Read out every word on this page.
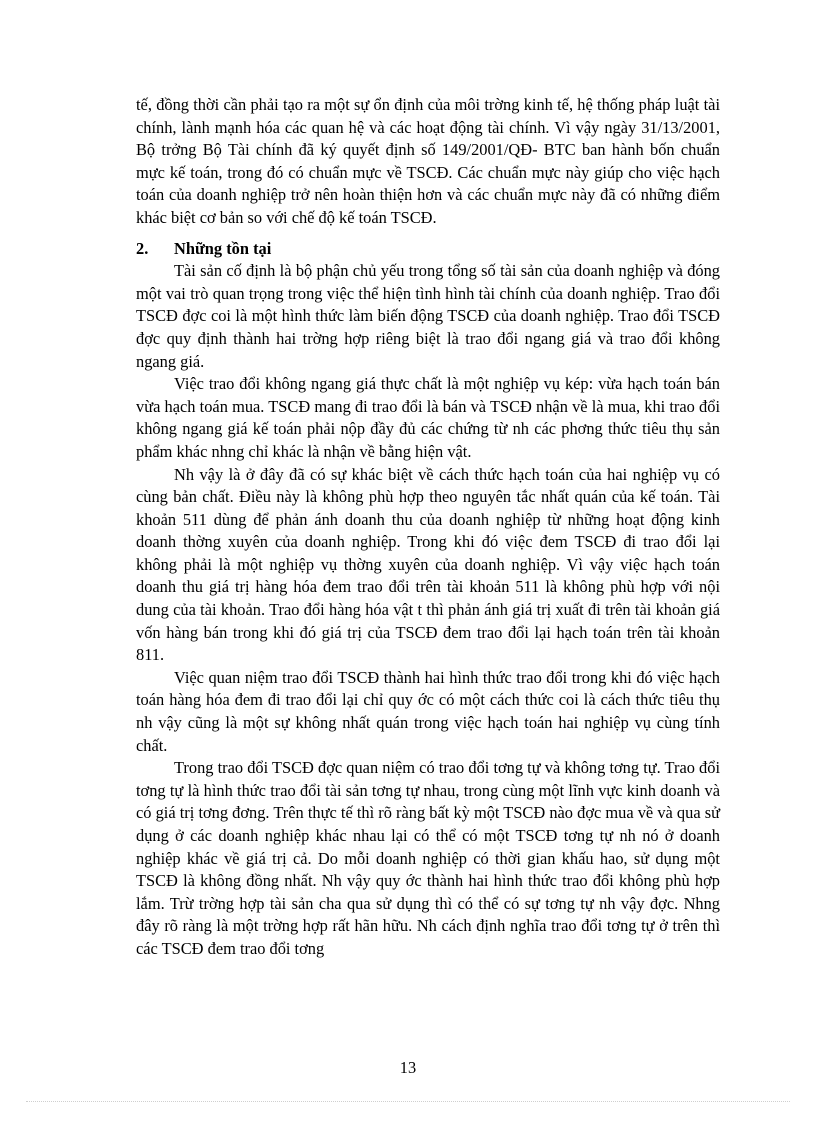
tế, đồng thời cần phải tạo ra một sự ổn định của môi trờng kinh tế, hệ thống pháp luật tài chính, lành mạnh hóa các quan hệ và các hoạt động tài chính. Vì vậy ngày 31/13/2001, Bộ trởng Bộ Tài chính đã ký quyết định số 149/2001/QĐ- BTC ban hành bốn chuẩn mực kế toán, trong đó có chuẩn mực về TSCĐ. Các chuẩn mực này giúp cho việc hạch toán của doanh nghiệp trở nên hoàn thiện hơn và các chuẩn mực này đã có những điểm khác biệt cơ bản so với chế độ kế toán TSCĐ.

2.	Những tồn tại

Tài sản cố định là bộ phận chủ yếu trong tổng số tài sản của doanh nghiệp và đóng một vai trò quan trọng trong việc thể hiện tình hình tài chính của doanh nghiệp. Trao đổi TSCĐ đợc coi là một hình thức làm biến động TSCĐ của doanh nghiệp. Trao đổi TSCĐ đợc quy định thành hai trờng hợp riêng biệt là trao đổi ngang giá và trao đổi không ngang giá.

Việc trao đổi không ngang giá thực chất là một nghiệp vụ kép: vừa hạch toán bán vừa hạch toán mua. TSCĐ mang đi trao đổi là bán và TSCĐ nhận về là mua, khi trao đổi không ngang giá kế toán phải nộp đầy đủ các chứng từ nh các phơng thức tiêu thụ sản phẩm khác nhng chỉ khác là nhận về bằng hiện vật.

Nh vậy là ở đây đã có sự khác biệt về cách thức hạch toán của hai nghiệp vụ có cùng bản chất. Điều này là không phù hợp theo nguyên tắc nhất quán của kế toán. Tài khoản 511 dùng để phản ánh doanh thu của doanh nghiệp từ những hoạt động kinh doanh thờng xuyên của doanh nghiệp. Trong khi đó việc đem TSCĐ đi trao đổi lại không phải là một nghiệp vụ thờng xuyên của doanh nghiệp. Vì vậy việc hạch toán doanh thu giá trị hàng hóa đem trao đổi trên tài khoản 511 là không phù hợp với nội dung của tài khoản. Trao đổi hàng hóa vật t thì phản ánh giá trị xuất đi trên tài khoản giá vốn hàng bán trong khi đó giá trị của TSCĐ đem trao đổi lại hạch toán trên tài khoản 811.

Việc quan niệm trao đổi TSCĐ thành hai hình thức trao đổi trong khi đó việc hạch toán hàng hóa đem đi trao đổi lại chỉ quy ớc có một cách thức coi là cách thức tiêu thụ nh vậy cũng là một sự không nhất quán trong việc hạch toán hai nghiệp vụ cùng tính chất.

Trong trao đổi TSCĐ đợc quan niệm có trao đổi tơng tự và không tơng tự. Trao đổi tơng tự là hình thức trao đổi tài sản tơng tự nhau, trong cùng một lĩnh vực kinh doanh và có giá trị tơng đơng. Trên thực tế thì rõ ràng bất kỳ một TSCĐ nào đợc mua về và qua sử dụng ở các doanh nghiệp khác nhau lại có thể có một TSCĐ tơng tự nh nó ở doanh nghiệp khác về giá trị cả. Do mỗi doanh nghiệp có thời gian khấu hao, sử dụng một TSCĐ là không đồng nhất. Nh vậy quy ớc thành hai hình thức trao đổi không phù hợp lắm. Trừ trờng hợp tài sản cha qua sử dụng thì có thể có sự tơng tự nh vậy đợc. Nhng đây rõ ràng là một trờng hợp rất hãn hữu. Nh cách định nghĩa trao đổi tơng tự ở trên thì các TSCĐ đem trao đổi tơng

13
